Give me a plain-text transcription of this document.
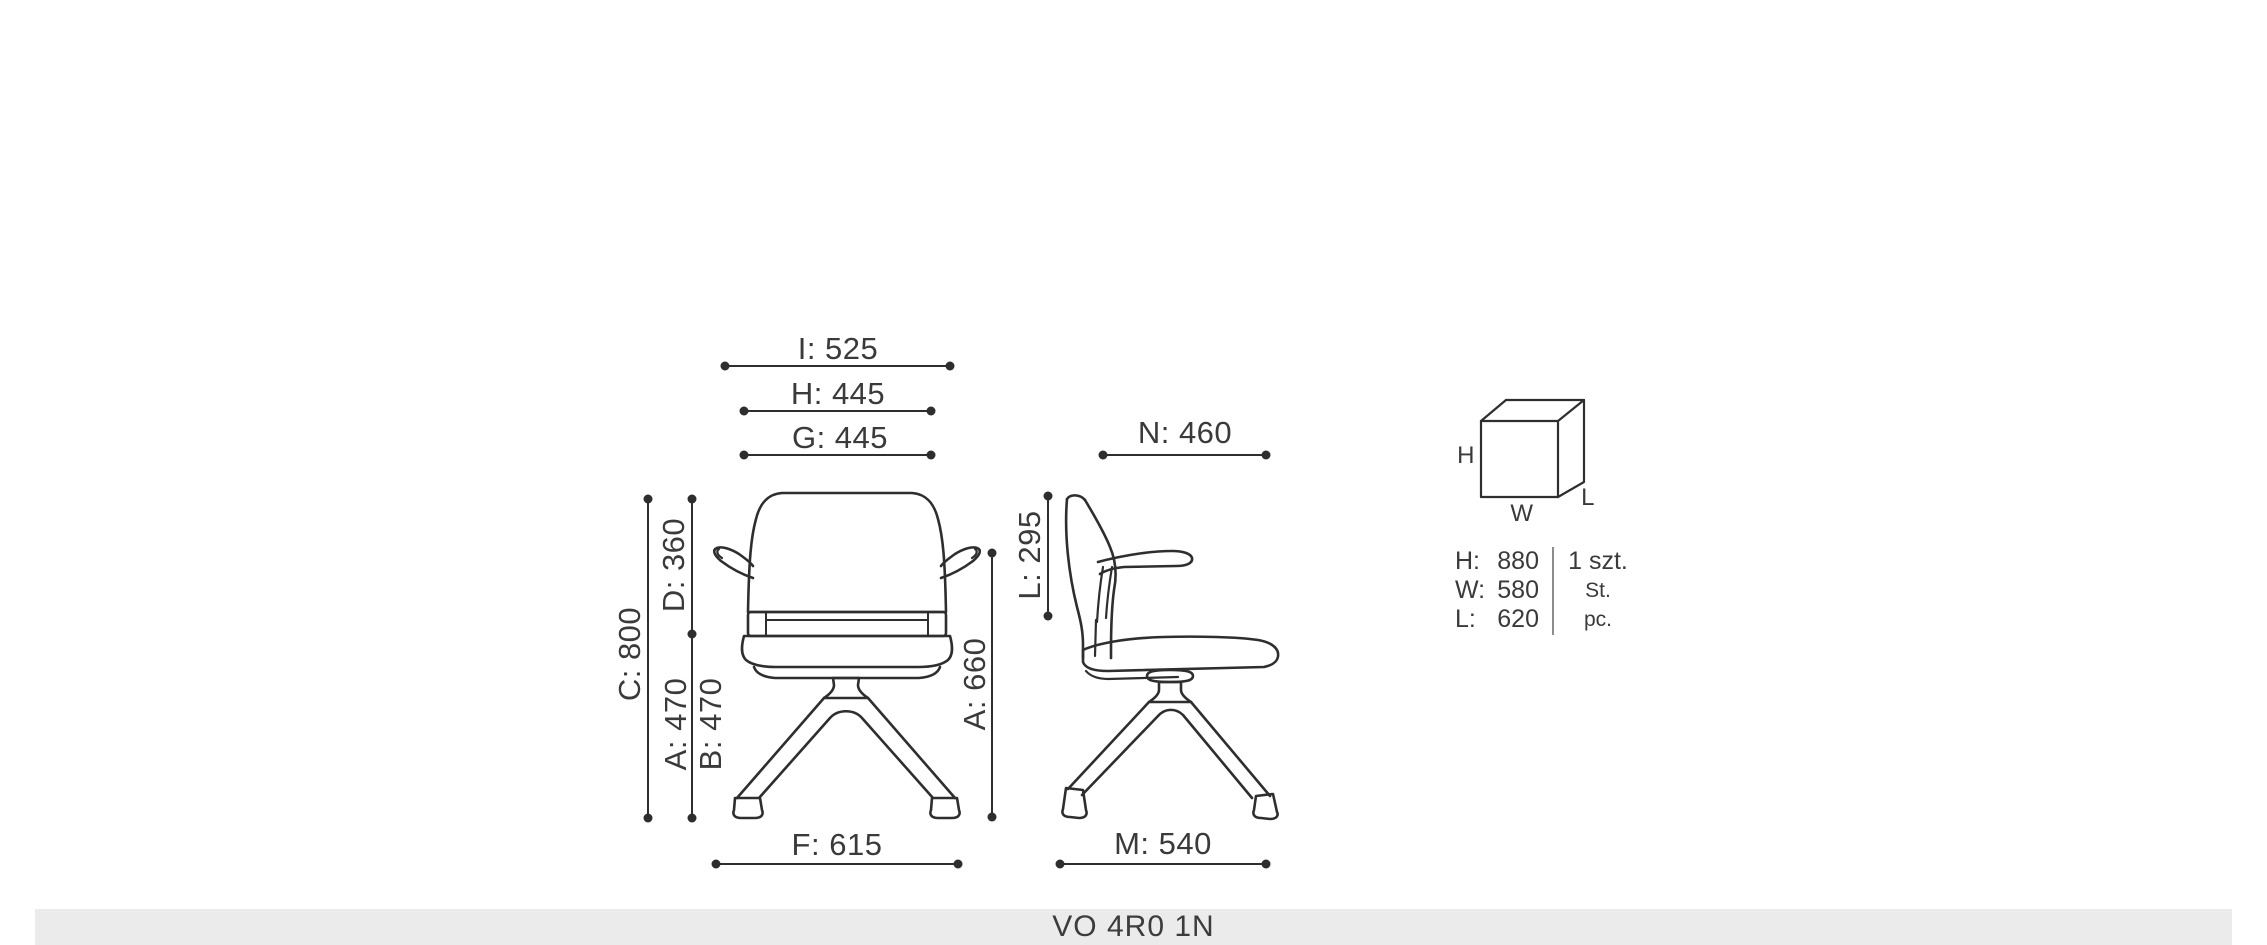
I: 525
H: 445
G: 445
C: 800
D: 360
A: 470 B: 470	A: 660
F: 615
N: 460
L: 295
M: 540
H
W
L
H: 880
W: 580
L: 620
1 szt.
St.
pc.
VO 4R0 1N
